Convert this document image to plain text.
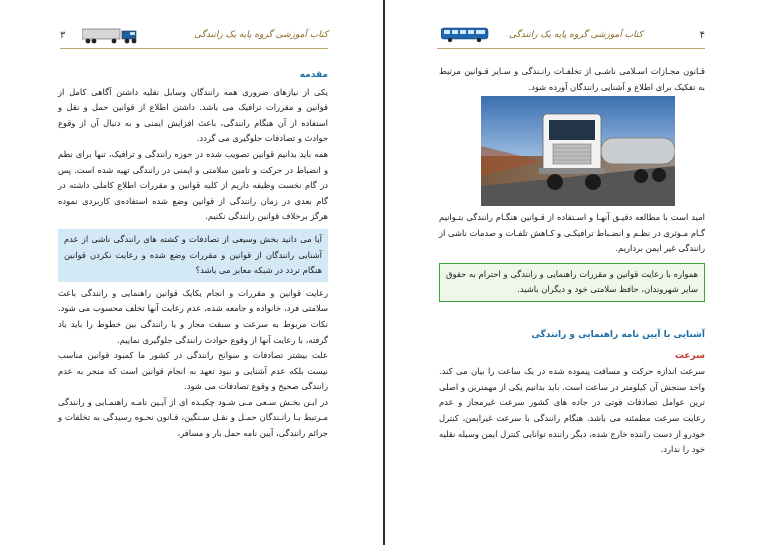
۳	کتاب آموزشی گروه پایه یک رانندگی
مقدمه

یکی از نیازهای ضروری همه رانندگان وسایل نقلیه داشتن آگاهی کامل از قوانین و مقررات ترافیک می باشد. داشتن اطلاع از قوانین حمل و نقل و استفاده از آن هنگام رانندگی، باعث افزایش ایمنی و به دنبال آن از وقوع حوادث و تصادفات جلوگیری می گردد.

همه باید بدانیم قوانین تصویب شده در حوزه رانندگی و ترافیک، تنها برای نظم و انضباط در حرکت و تامین سلامتی و ایمنی در رانندگی تهیه شده است. پس در گام نخست وظیفه داریم از کلیه قوانین و مقررات اطلاع کاملی داشته در گام بعدی در زمان رانندگی از قوانین وضع شده استفاده‌ی کاربردی نموده هرگز برخلاف قوانین رانندگی نکنیم.

آیا می دانید بخش وسیعی از تصادفات و کشته های رانندگی ناشی از عدم آشنایی رانندگان از قوانین و مقررات وضع شده و رعایت نکردن قوانین هنگام تردد در شبکه معابر می باشد؟

رعایت قوانین و مقررات و انجام یکایک قوانین راهنمایی و رانندگی باعث سلامتی فرد، خانواده و جامعه شده، عدم رعایت آنها تخلف محسوب می شود. نکات مربوط به سرعت و سبقت مجاز و یا رانندگی بین خطوط را باید یاد گرفته، با رعایت آنها از وقوع حوادث رانندگی جلوگیری نماییم.

علت بیشتر تصادفات و سوانح رانندگی در کشور ما کمبود قوانین مناسب نیست بلکه عدم آشنایی و نبود تعهد به انجام قوانین است که منجر به عدم رانندگی صحیح و وقوع تصادفات می شود.

در ایـن بخـش سـعی مـی شـود چکیـده ای از آیـین نامـه راهنمـایی و رانندگی مـرتبط بـا رانـندگان حمـل و نقـل سـنگین، قـانون نحـوه رسیدگی به تخلفات و جرائم رانندگی، آیین نامه حمل بار و مسافر،

کتاب آموزشی گروه پایه یک رانندگی	۴

قـانون مجـازات اسـلامی ناشـی از تخلفـات رانـندگی و سـایر قـوانین مرتبط به تفکیک برای اطلاع و آشنایی رانندگان آورده شود.

امید است با مطالعه دقیـق آنهـا و اسـتفاده از قـوانین هنگـام رانندگی بتـوانیم گـام مـوثری در نظـم و انضـباط ترافیکـی و کـاهش تلفـات و صدمات ناشی از رانندگی غیر ایمن برداریم.

همواره با رعایت قوانین و مقررات راهنمایی و رانندگی و احترام به حقوق سایر شهروندان، حافظ سلامتی خود و دیگران باشید.
آشنایی با آیین نامه راهنمایی و رانندگی
سرعت

سرعت اندازه حرکت و مسافت پیموده شده در یک ساعت را بیان می کند. واحد سنجش آن کیلومتر در ساعت است. باید بدانیم یکی از مهمترین و اصلی ترین عوامل تصادفات فوتی در جاده های کشور سرعت غیرمجاز و عدم رعایت سرعت مطمئنه می باشد. هنگام رانندگی با سرعت غیرایمن، کنترل خودرو از دست راننده خارج شده، دیگر راننده توانایی کنترل ایمن وسیله نقلیه خود را ندارد.
